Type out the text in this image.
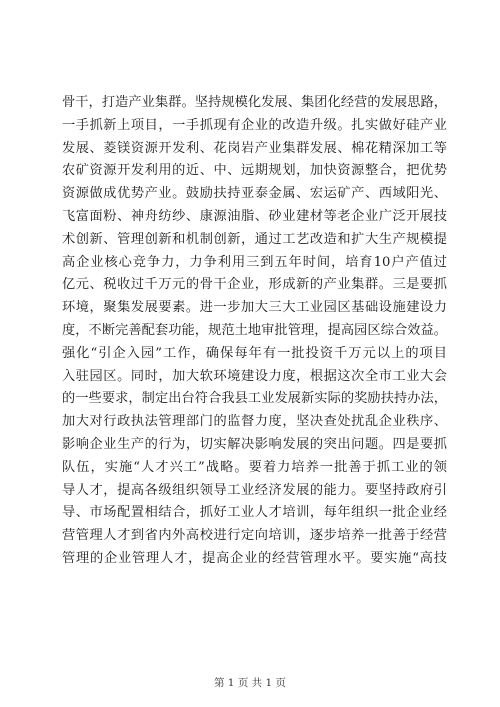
骨干，打造产业集群。坚持规模化发展、集团化经营的发展思路，
一手抓新上项目，一手抓现有企业的改造升级。扎实做好硅产业
发展、菱镁资源开发利、花岗岩产业集群发展、棉花精深加工等
农矿资源开发利用的近、中、远期规划，加快资源整合，把优势
资源做成优势产业。鼓励扶持亚泰金属、宏运矿产、西域阳光、
飞富面粉、神舟纺纱、康源油脂、砂业建材等老企业广泛开展技
术创新、管理创新和机制创新，通过工艺改造和扩大生产规模提
高企业核心竞争力，力争利用三到五年时间，培育10户产值过
亿元、税收过千万元的骨干企业，形成新的产业集群。三是要抓
环境，聚集发展要素。进一步加大三大工业园区基础设施建设力
度，不断完善配套功能，规范土地审批管理，提高园区综合效益。
强化“引企入园”工作，确保每年有一批投资千万元以上的项目
入驻园区。同时，加大软环境建设力度，根据这次全市工业大会
的一些要求，制定出台符合我县工业发展新实际的奖励扶持办法，
加大对行政执法管理部门的监督力度，坚决查处扰乱企业秩序、
影响企业生产的行为，切实解决影响发展的突出问题。四是要抓
队伍，实施“人才兴工”战略。要着力培养一批善于抓工业的领
导人才，提高各级组织领导工业经济发展的能力。要坚持政府引
导、市场配置相结合，抓好工业人才培训，每年组织一批企业经
营管理人才到省内外高校进行定向培训，逐步培养一批善于经营
管理的企业管理人才，提高企业的经营管理水平。要实施“高技
第 1 页 共 1 页
